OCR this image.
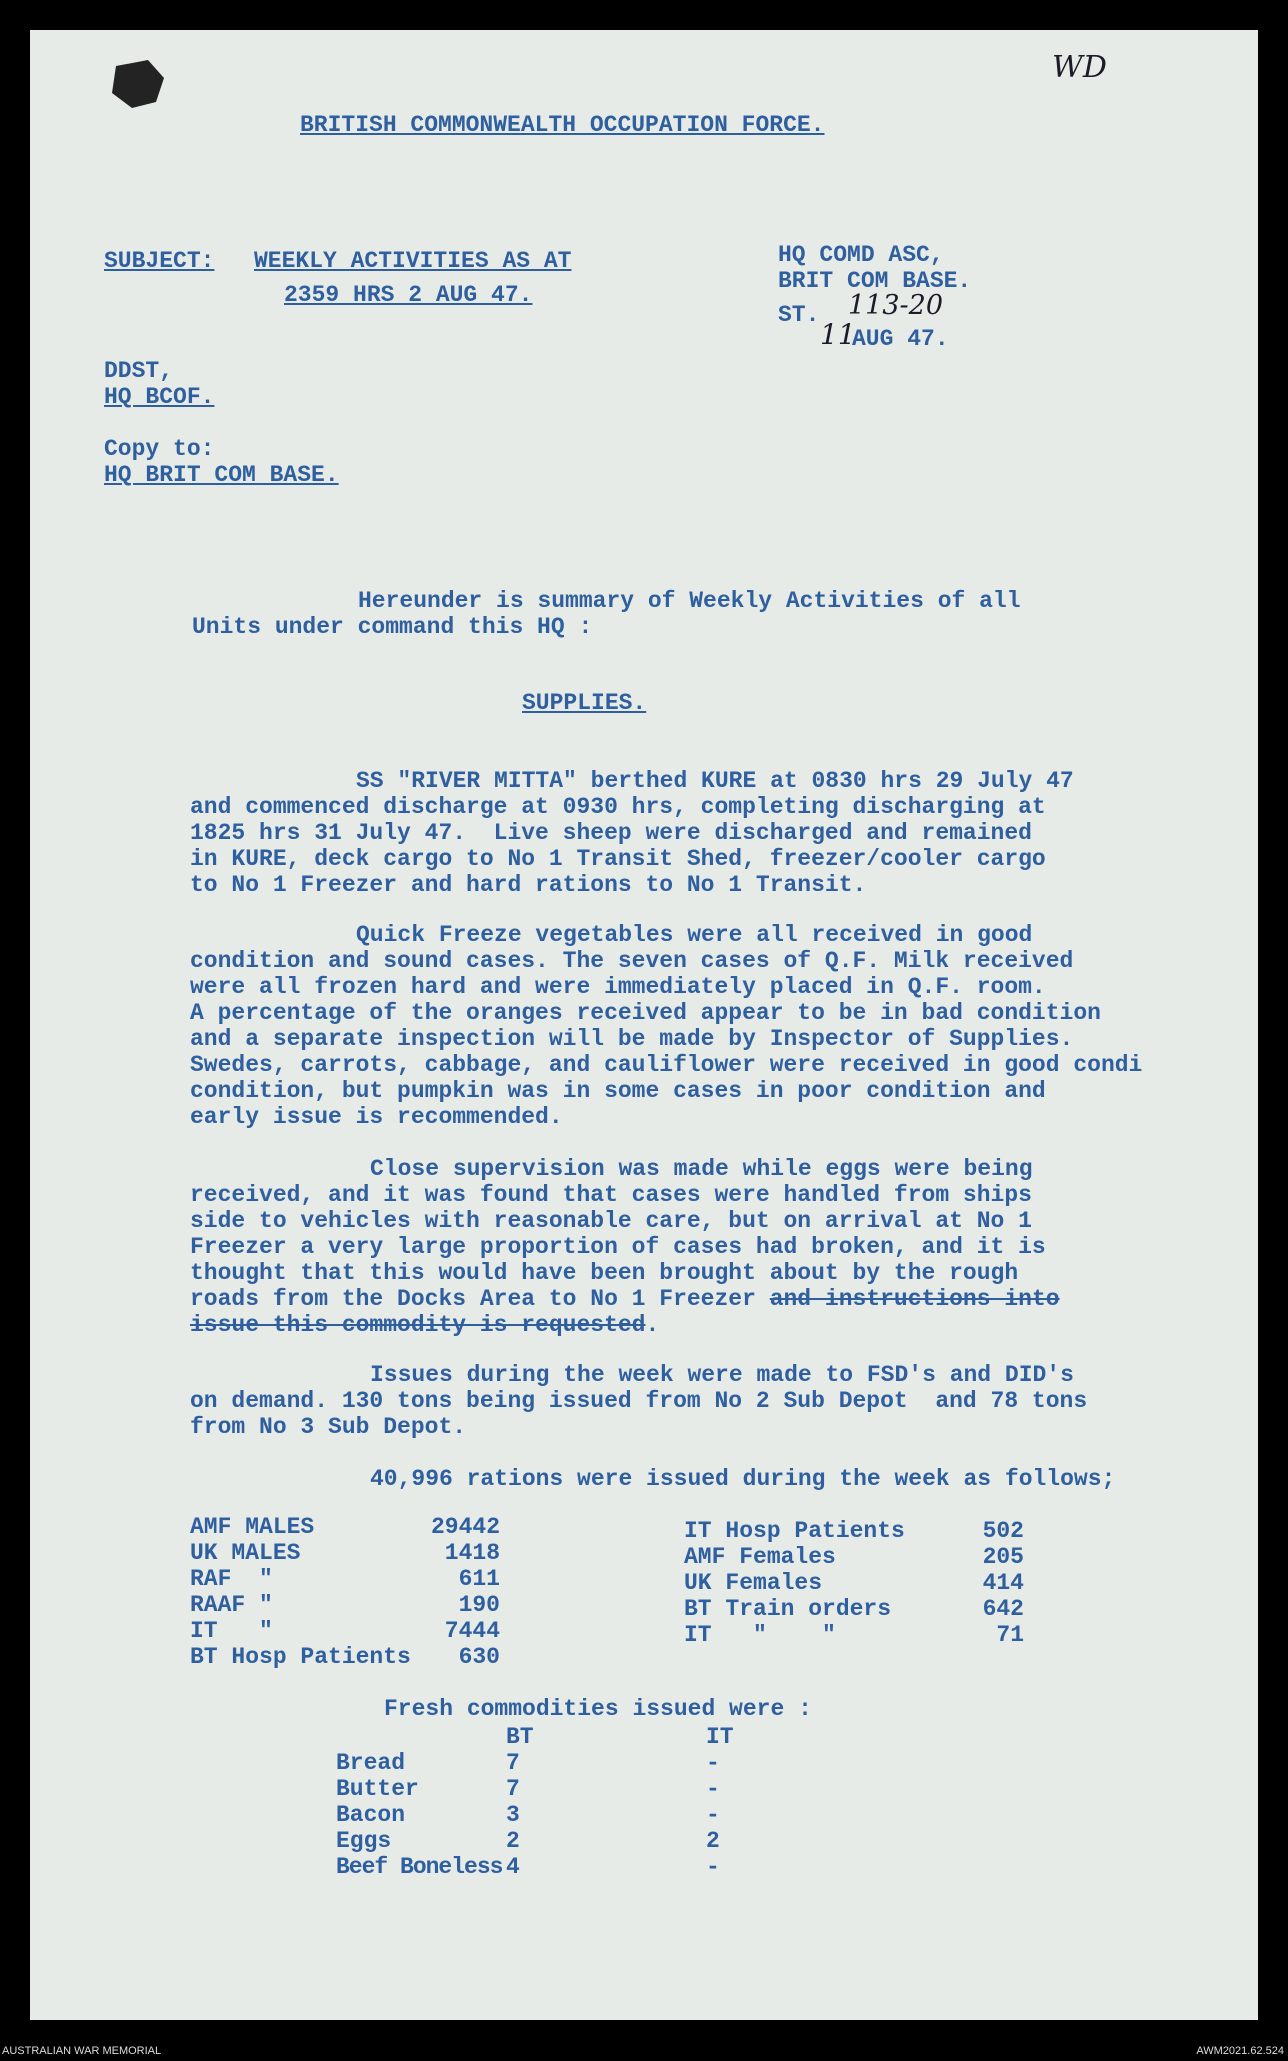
WD
BRITISH COMMONWEALTH OCCUPATION FORCE.
SUBJECT: WEEKLY ACTIVITIES AS AT
2359 HRS 2 AUG 47.
HQ COMD ASC,
BRIT COM BASE.
ST. 113-20
11
AUG 47.
DDST,
HQ BCOF.
Copy to:
HQ BRIT COM BASE.
Hereunder is summary of Weekly Activities of all
Units under command this HQ :
SUPPLIES.
SS "RIVER MITTA" berthed KURE at 0830 hrs 29 July 47
and commenced discharge at 0930 hrs, completing discharging at
1825 hrs 31 July 47.  Live sheep were discharged and remained
in KURE, deck cargo to No 1 Transit Shed, freezer/cooler cargo
to No 1 Freezer and hard rations to No 1 Transit.
Quick Freeze vegetables were all received in good
condition and sound cases. The seven cases of Q.F. Milk received
were all frozen hard and were immediately placed in Q.F. room.
A percentage of the oranges received appear to be in bad condition
and a separate inspection will be made by Inspector of Supplies.
Swedes, carrots, cabbage, and cauliflower were received in good condi
condition, but pumpkin was in some cases in poor condition and
early issue is recommended.
Close supervision was made while eggs were being
received, and it was found that cases were handled from ships
side to vehicles with reasonable care, but on arrival at No 1
Freezer a very large proportion of cases had broken, and it is
thought that this would have been brought about by the rough
roads from the Docks Area to No 1 Freezer and instructions into
issue this commodity is requested.
Issues during the week were made to FSD's and DID's
on demand. 130 tons being issued from No 2 Sub Depot  and 78 tons
from No 3 Sub Depot.
40,996 rations were issued during the week as follows;
AMF MALES	29442
UK MALES	1418
RAF  "	611
RAAF "	190
IT   "	7444
BT Hosp Patients	630
IT Hosp Patients	502
AMF Females	205
UK Females	414
BT Train orders	642
IT   "    "	71
Fresh commodities issued were :
	BT	IT
Bread	7	-
Butter	7	-
Bacon	3	-
Eggs	2	2
Beef Boneless	4	-
AUSTRALIAN WAR MEMORIAL	AWM2021.62.524
